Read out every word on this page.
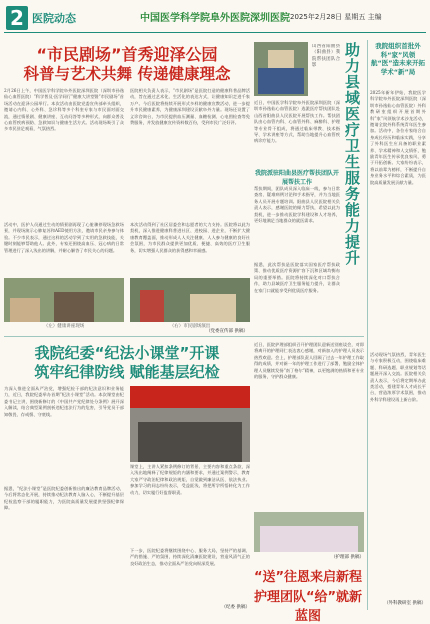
2 医院动态	中国医学科学院阜外医院深圳医院 2025年2月28日 星期五 主编
“市民剧场”首秀迎泽公园
科普与艺术共舞 传递健康理念
2月26日上午，中国医学科学院阜外医院深圳医院（深圳市孙逸仙心血管医院）“科学普及·医学同行”健康大讲堂暨“市民剧场”首场活动在迎泽公园举行。本次活动由医院党委宣传部牵头组织，邀请心内科、心外科、急诊科等多个科室专家与市民面对面交流，通过情景剧、健康讲座、互动问答等多种形式，向群众普及心血管疾病预防、急救知识与健康生活方式。活动现场吸引了众多市民驻足观看，气氛热烈。
医院相关负责人表示，“市民剧场”是医院打造的健康科普品牌活动，旨在通过艺术化、生活化的表达方式，让健康知识走进千家万户。今后医院将持续开展形式多样的健康宣教活动，进一步提升市民健康素养，为健康深圳建设贡献阜外力量。现场还设置了义诊咨询台，为市民提供血压测量、血糖检测、心电图检查等免费服务，并发放健康宣传资料数百份，受到市民广泛好评。
活动中，医护人员通过生动的情景剧再现了心脏骤停现场急救场景，并现场演示心肺复苏和AED使用方法，邀请市民亲身参与体验。不少市民表示，通过这样的活动学到了实用的急救技能，关键时刻能够帮助他人。此外，专家还围绕高血压、冠心病的日常管理进行了深入浅出的讲解，并耐心解答了市民关心的问题。
本次活动得到了社区居委会和志愿者的大力支持。医院将以此为契机，深入推进健康科普进社区、进校园、进企业，不断扩大健康教育覆盖面，推动形成人人关注健康、人人参与健康的良好社会氛围，为市民群众提供更加优质、便捷、高效的医疗卫生服务，切实增强人民群众的获得感和幸福感。
（左）健康讲座现场	（右）市民剧场演出
（党委宣传部 供稿）
山西省阳曲县（阳曲县）我院帮扶团队合影	助力县域医疗卫生服务能力提升
近日，中国医学科学院阜外医院深圳医院（深圳市孙逸仙心血管医院）选派医疗帮扶团队赴山西省阳曲县人民医院开展帮扶工作。帮扶团队由心血管内科、心血管外科、麻醉科、护理等专业骨干组成，将通过临床带教、技术指导、学术讲座等方式，帮助当地提升心血管疾病诊疗能力。
我院派驻阳曲县医疗帮扶团队开展帮扶工作
帮扶期间，团队成员深入临床一线，参与日常查房、疑难病例讨论和手术指导，并为当地医务人员开展专题培训。阳曲县人民医院相关负责人表示，感谢医院的倾力帮扶，希望以此为契机，进一步推动医院学科建设和人才培养，更好地满足当地群众的就医需求。
据悉，此次帮扶是医院落实国家医疗帮扶政策、推动优质医疗资源扩容下沉和区域均衡布局的重要举措。医院将持续深化对口帮扶合作，助力县域医疗卫生服务能力提升，让群众在家门口就能享受到优质医疗服务。
我院组织首批外科“家”风领航“医”造未来开拓学术“新”局
2025年新年伊始，我院医学科学院阜外医院深圳医院（深圳市孙逸仙心血管医院）外科教研室组织开展首期外科“家”风领航学术沙龙活动，邀请全院外科系统青年医生参加。活动中，各位专家结合自身成长经历和临床实践，分享了外科医生应具备的职业素养、学术精神和人文情怀，勉励青年医生传承优良家风、勇于开拓创新。大家纷纷表示，将以前辈为榜样，不断提升自身业务水平和综合素质，为医院高质量发展贡献力量。
活动现场气氛热烈，青年医生与专家积极互动，围绕临床难题、科研选题、职业规划等话题展开深入交流。医院相关负责人表示，今后将定期举办此类活动，搭建青年人才成长平台，营造浓厚学术氛围，推动外科学科建设再上新台阶。
（外科教研室 供稿）
我院纪委“纪法小课堂”开课
筑牢纪律防线 赋能基层纪检
为深入推进全面从严治党，增强纪检干部的纪法意识和业务能力，近日，我院纪委举办首期“纪法小课堂”活动。本次课堂由纪委书记主讲，围绕新修订的《中国共产党纪律处分条例》展开深入解读，结合典型案例剖析违纪违法行为的危害，引导党员干部知敬畏、存戒惧、守底线。
课堂上，主讲人紧扣条例修订的背景、主要内容和重点条款，深入浅出地阐释了纪律规矩的内涵和要求，并通过案例警示，教育大家严守政治纪律和政治规矩，自觉做到廉洁从医、依法执业。参加学习的同志纷纷表示，受益匪浅，将把所学所悟转化为工作动力，切实履行好监督职责。
据悉，“纪法小课堂”是医院纪委创新推出的廉洁教育品牌活动，今后将常态化开展，持续推动纪法教育入脑入心，不断提升基层纪检监察干部的履职能力，为医院高质量发展提供坚强纪律保障。
下一步，医院纪委将继续围绕中心、服务大局，坚持严的基调、严的措施、严的氛围，持续深化清廉医院建设，营造风清气正的良好政治生态，推动全面从严治党向纵深发展。
（纪委 供稿）
近日，医院护理部组织召开护理团队迎新送别座谈会，对即将离开的护理同仁表达衷心感谢，对新加入的护理人员表示热烈欢迎。会上，护理部负责人回顾了过去一年护理工作取得的成绩，并对新一年的护理工作进行了部署，勉励全体护理人员继续发扬“南丁格尔”精神，以更饱满的热情和更专业的服务，守护群众健康。
（护理部 供稿）
“送”往恩来启新程
护理团队“给”就新蓝图
